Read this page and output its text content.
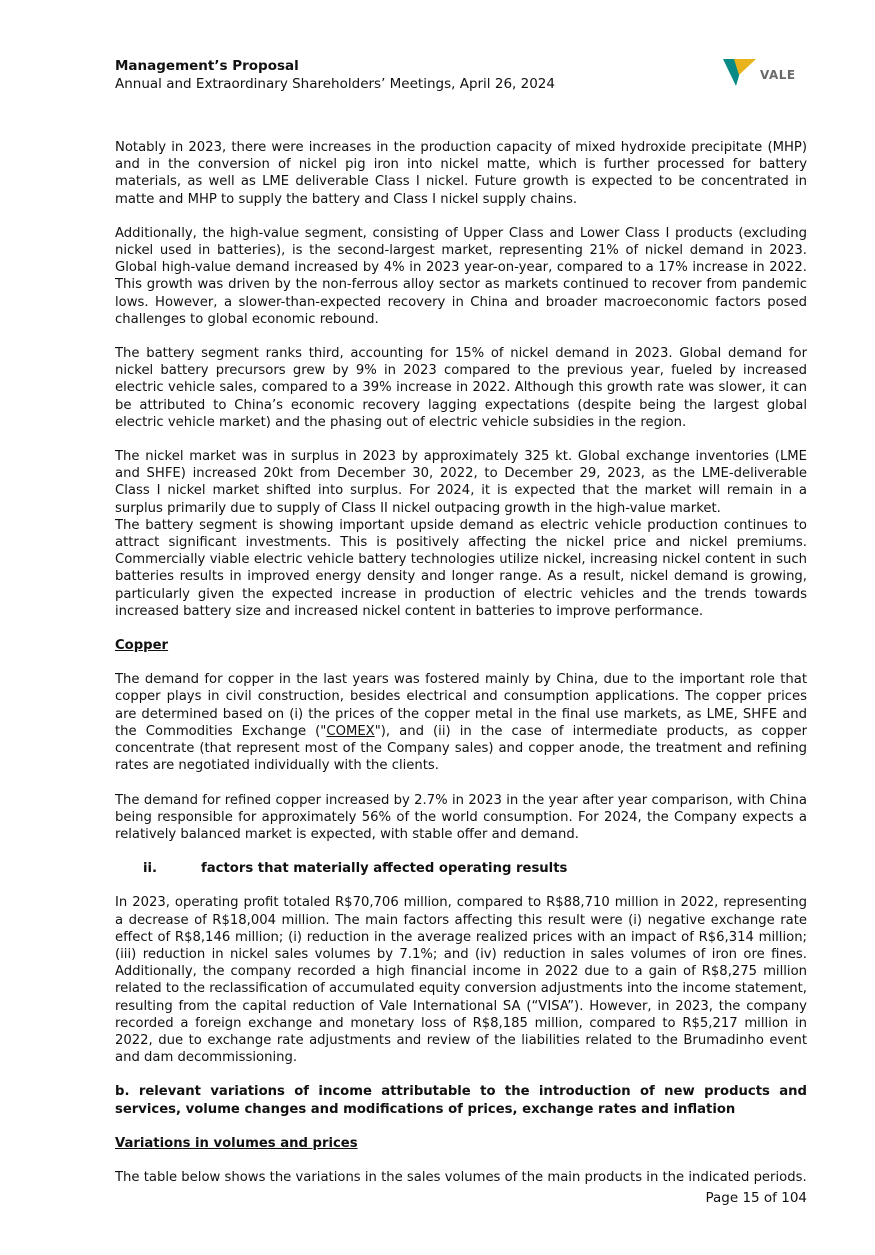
Management’s Proposal
Annual and Extraordinary Shareholders’ Meetings, April 26, 2024
VALE

Notably in 2023, there were increases in the production capacity of mixed hydroxide precipitate (MHP) and in the conversion of nickel pig iron into nickel matte, which is further processed for battery materials, as well as LME deliverable Class I nickel. Future growth is expected to be concentrated in matte and MHP to supply the battery and Class I nickel supply chains.

Additionally, the high-value segment, consisting of Upper Class and Lower Class I products (excluding nickel used in batteries), is the second-largest market, representing 21% of nickel demand in 2023. Global high-value demand increased by 4% in 2023 year-on-year, compared to a 17% increase in 2022. This growth was driven by the non-ferrous alloy sector as markets continued to recover from pandemic lows. However, a slower-than-expected recovery in China and broader macroeconomic factors posed challenges to global economic rebound.

The battery segment ranks third, accounting for 15% of nickel demand in 2023. Global demand for nickel battery precursors grew by 9% in 2023 compared to the previous year, fueled by increased electric vehicle sales, compared to a 39% increase in 2022. Although this growth rate was slower, it can be attributed to China’s economic recovery lagging expectations (despite being the largest global electric vehicle market) and the phasing out of electric vehicle subsidies in the region.

The nickel market was in surplus in 2023 by approximately 325 kt. Global exchange inventories (LME and SHFE) increased 20kt from December 30, 2022, to December 29, 2023, as the LME-deliverable Class I nickel market shifted into surplus. For 2024, it is expected that the market will remain in a surplus primarily due to supply of Class II nickel outpacing growth in the high-value market.

The battery segment is showing important upside demand as electric vehicle production continues to attract significant investments. This is positively affecting the nickel price and nickel premiums. Commercially viable electric vehicle battery technologies utilize nickel, increasing nickel content in such batteries results in improved energy density and longer range. As a result, nickel demand is growing, particularly given the expected increase in production of electric vehicles and the trends towards increased battery size and increased nickel content in batteries to improve performance.

Copper

The demand for copper in the last years was fostered mainly by China, due to the important role that copper plays in civil construction, besides electrical and consumption applications. The copper prices are determined based on (i) the prices of the copper metal in the final use markets, as LME, SHFE and the Commodities Exchange ("COMEX"), and (ii) in the case of intermediate products, as copper concentrate (that represent most of the Company sales) and copper anode, the treatment and refining rates are negotiated individually with the clients.

The demand for refined copper increased by 2.7% in 2023 in the year after year comparison, with China being responsible for approximately 56% of the world consumption. For 2024, the Company expects a relatively balanced market is expected, with stable offer and demand.

ii.	factors that materially affected operating results

In 2023, operating profit totaled R$70,706 million, compared to R$88,710 million in 2022, representing a decrease of R$18,004 million. The main factors affecting this result were (i) negative exchange rate effect of R$8,146 million; (i) reduction in the average realized prices with an impact of R$6,314 million; (iii) reduction in nickel sales volumes by 7.1%; and (iv) reduction in sales volumes of iron ore fines. Additionally, the company recorded a high financial income in 2022 due to a gain of R$8,275 million related to the reclassification of accumulated equity conversion adjustments into the income statement, resulting from the capital reduction of Vale International SA (“VISA”). However, in 2023, the company recorded a foreign exchange and monetary loss of R$8,185 million, compared to R$5,217 million in 2022, due to exchange rate adjustments and review of the liabilities related to the Brumadinho event and dam decommissioning.

b. relevant variations of income attributable to the introduction of new products and services, volume changes and modifications of prices, exchange rates and inflation
Variations in volumes and prices

The table below shows the variations in the sales volumes of the main products in the indicated periods.

Page 15 of 104
